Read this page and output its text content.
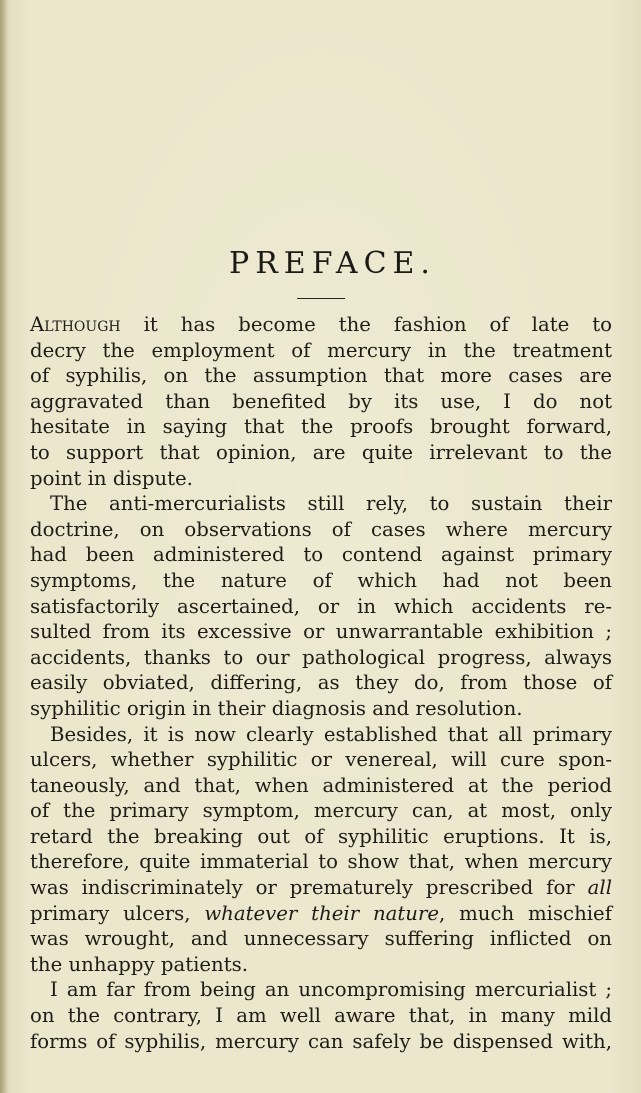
PREFACE.
Although it has become the fashion of late to
decry the employment of mercury in the treatment
of syphilis, on the assumption that more cases are
aggravated than benefited by its use, I do not
hesitate in saying that the proofs brought forward,
to support that opinion, are quite irrelevant to the
point in dispute.
The anti-mercurialists still rely, to sustain their
doctrine, on observations of cases where mercury
had been administered to contend against primary
symptoms, the nature of which had not been
satisfactorily ascertained, or in which accidents re-
sulted from its excessive or unwarrantable exhibition ;
accidents, thanks to our pathological progress, always
easily obviated, differing, as they do, from those of
syphilitic origin in their diagnosis and resolution.
Besides, it is now clearly established that all primary
ulcers, whether syphilitic or venereal, will cure spon-
taneously, and that, when administered at the period
of the primary symptom, mercury can, at most, only
retard the breaking out of syphilitic eruptions. It is,
therefore, quite immaterial to show that, when mercury
was indiscriminately or prematurely prescribed for all
primary ulcers, whatever their nature, much mischief
was wrought, and unnecessary suffering inflicted on
the unhappy patients.
I am far from being an uncompromising mercurialist ;
on the contrary, I am well aware that, in many mild
forms of syphilis, mercury can safely be dispensed with,
